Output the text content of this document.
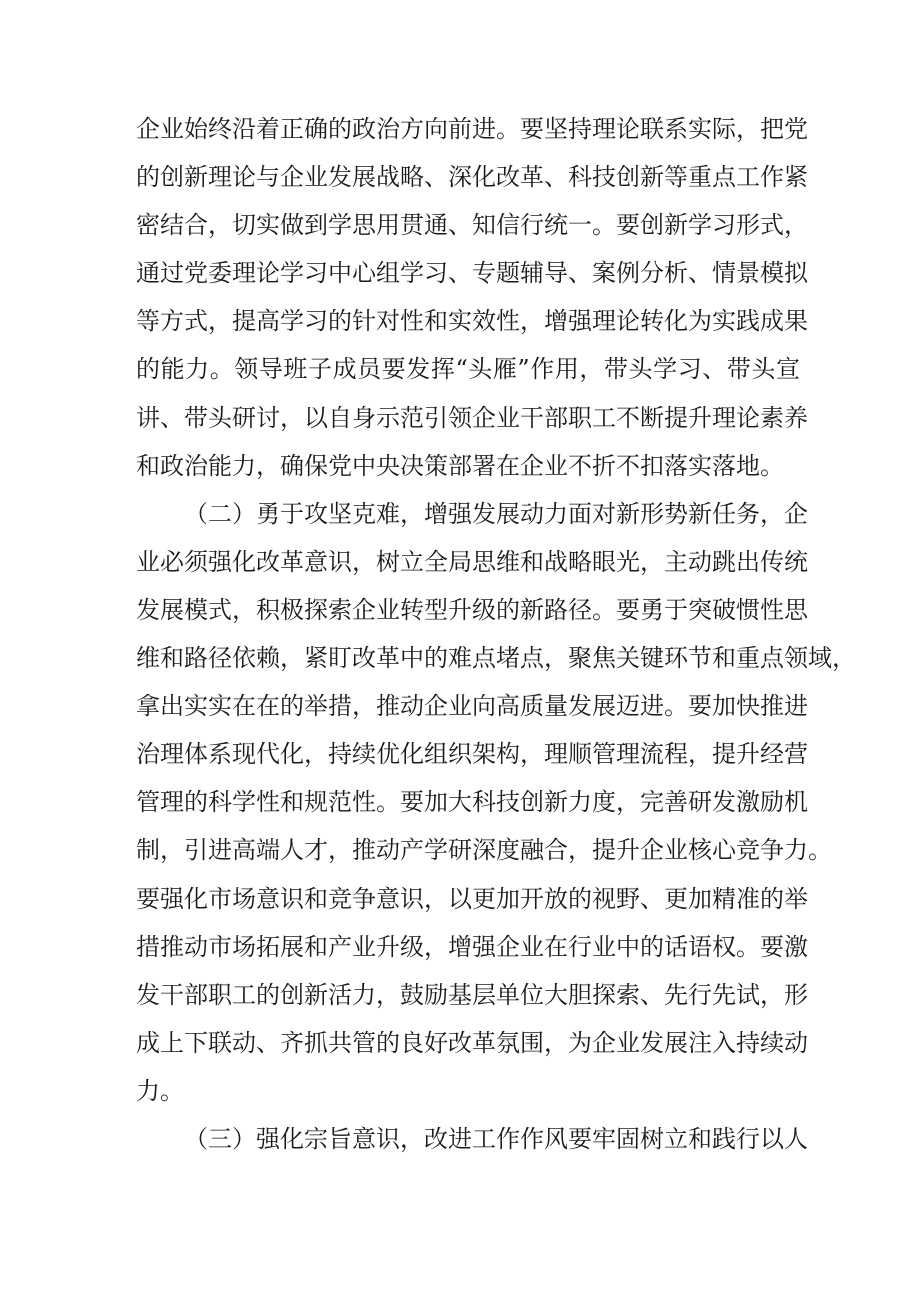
企业始终沿着正确的政治方向前进。要坚持理论联系实际，把党
的创新理论与企业发展战略、深化改革、科技创新等重点工作紧
密结合，切实做到学思用贯通、知信行统一。要创新学习形式，
通过党委理论学习中心组学习、专题辅导、案例分析、情景模拟
等方式，提高学习的针对性和实效性，增强理论转化为实践成果
的能力。领导班子成员要发挥“头雁”作用，带头学习、带头宣
讲、带头研讨，以自身示范引领企业干部职工不断提升理论素养
和政治能力，确保党中央决策部署在企业不折不扣落实落地。
（二）勇于攻坚克难，增强发展动力面对新形势新任务，企
业必须强化改革意识，树立全局思维和战略眼光，主动跳出传统
发展模式，积极探索企业转型升级的新路径。要勇于突破惯性思
维和路径依赖，紧盯改革中的难点堵点，聚焦关键环节和重点领域，
拿出实实在在的举措，推动企业向高质量发展迈进。要加快推进
治理体系现代化，持续优化组织架构，理顺管理流程，提升经营
管理的科学性和规范性。要加大科技创新力度，完善研发激励机
制，引进高端人才，推动产学研深度融合，提升企业核心竞争力。
要强化市场意识和竞争意识，以更加开放的视野、更加精准的举
措推动市场拓展和产业升级，增强企业在行业中的话语权。要激
发干部职工的创新活力，鼓励基层单位大胆探索、先行先试，形
成上下联动、齐抓共管的良好改革氛围，为企业发展注入持续动
力。
（三）强化宗旨意识，改进工作作风要牢固树立和践行以人
